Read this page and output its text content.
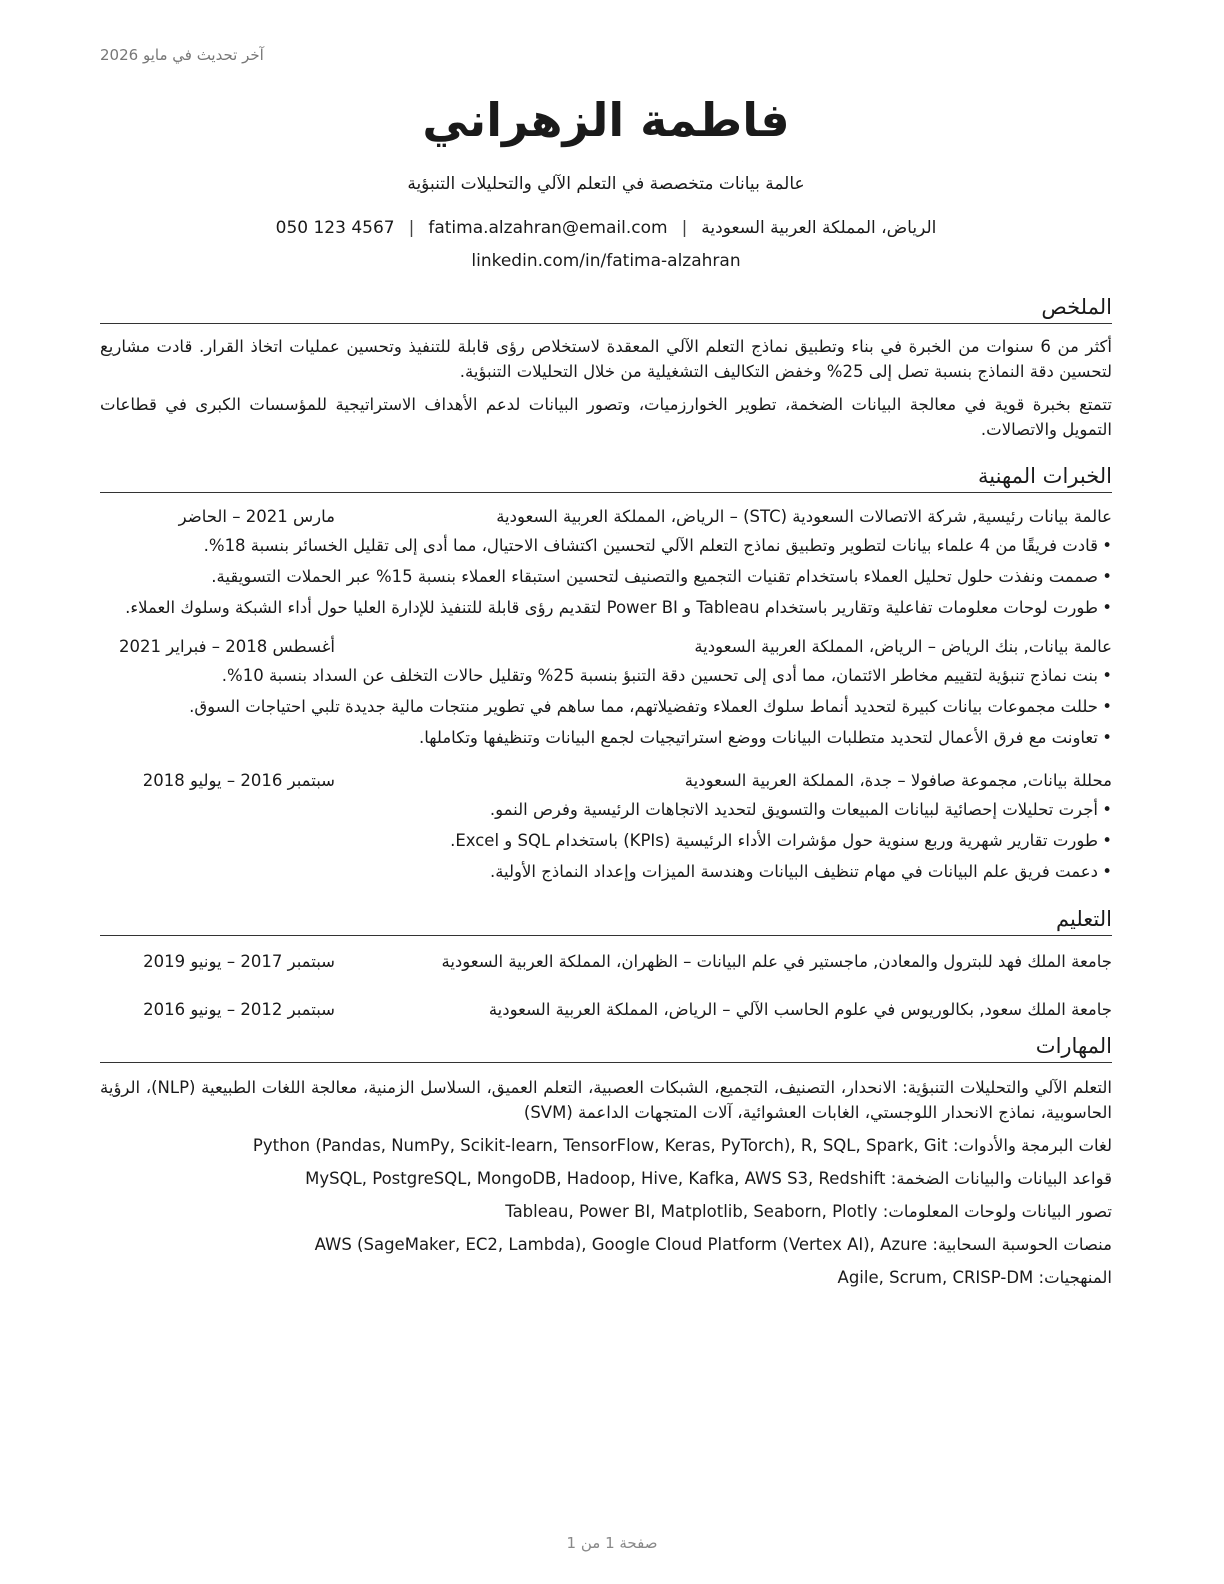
آخر تحديث في مايو 2026
فاطمة الزهراني
عالمة بيانات متخصصة في التعلم الآلي والتحليلات التنبؤية
الرياض، المملكة العربية السعودية|fatima.alzahran@email.com|050 123 4567
linkedin.com/in/fatima-alzahran
الملخص
أكثر من 6 سنوات من الخبرة في بناء وتطبيق نماذج التعلم الآلي المعقدة لاستخلاص رؤى قابلة للتنفيذ وتحسين عمليات اتخاذ القرار. قادت مشاريع لتحسين دقة النماذج بنسبة تصل إلى 25% وخفض التكاليف التشغيلية من خلال التحليلات التنبؤية.
تتمتع بخبرة قوية في معالجة البيانات الضخمة، تطوير الخوارزميات، وتصور البيانات لدعم الأهداف الاستراتيجية للمؤسسات الكبرى في قطاعات التمويل والاتصالات.
الخبرات المهنية
عالمة بيانات رئيسية, شركة الاتصالات السعودية (STC) – الرياض، المملكة العربية السعودية
مارس 2021 – الحاضر
• قادت فريقًا من 4 علماء بيانات لتطوير وتطبيق نماذج التعلم الآلي لتحسين اكتشاف الاحتيال، مما أدى إلى تقليل الخسائر بنسبة 18%.
• صممت ونفذت حلول تحليل العملاء باستخدام تقنيات التجميع والتصنيف لتحسين استبقاء العملاء بنسبة 15% عبر الحملات التسويقية.
• طورت لوحات معلومات تفاعلية وتقارير باستخدام Tableau و Power BI لتقديم رؤى قابلة للتنفيذ للإدارة العليا حول أداء الشبكة وسلوك العملاء.
عالمة بيانات, بنك الرياض – الرياض، المملكة العربية السعودية
أغسطس 2018 – فبراير 2021
• بنت نماذج تنبؤية لتقييم مخاطر الائتمان، مما أدى إلى تحسين دقة التنبؤ بنسبة 25% وتقليل حالات التخلف عن السداد بنسبة 10%.
• حللت مجموعات بيانات كبيرة لتحديد أنماط سلوك العملاء وتفضيلاتهم، مما ساهم في تطوير منتجات مالية جديدة تلبي احتياجات السوق.
• تعاونت مع فرق الأعمال لتحديد متطلبات البيانات ووضع استراتيجيات لجمع البيانات وتنظيفها وتكاملها.
محللة بيانات, مجموعة صافولا – جدة، المملكة العربية السعودية
سبتمبر 2016 – يوليو 2018
• أجرت تحليلات إحصائية لبيانات المبيعات والتسويق لتحديد الاتجاهات الرئيسية وفرص النمو.
• طورت تقارير شهرية وربع سنوية حول مؤشرات الأداء الرئيسية (KPIs) باستخدام SQL و Excel.
• دعمت فريق علم البيانات في مهام تنظيف البيانات وهندسة الميزات وإعداد النماذج الأولية.
التعليم
جامعة الملك فهد للبترول والمعادن, ماجستير في علم البيانات – الظهران، المملكة العربية السعودية
سبتمبر 2017 – يونيو 2019
جامعة الملك سعود, بكالوريوس في علوم الحاسب الآلي – الرياض، المملكة العربية السعودية
سبتمبر 2012 – يونيو 2016
المهارات
التعلم الآلي والتحليلات التنبؤية: الانحدار، التصنيف، التجميع، الشبكات العصبية، التعلم العميق، السلاسل الزمنية، معالجة اللغات الطبيعية (NLP)، الرؤية الحاسوبية، نماذج الانحدار اللوجستي، الغابات العشوائية، آلات المتجهات الداعمة (SVM)
لغات البرمجة والأدوات: Python (Pandas, NumPy, Scikit-learn, TensorFlow, Keras, PyTorch), R, SQL, Spark, Git
قواعد البيانات والبيانات الضخمة: MySQL, PostgreSQL, MongoDB, Hadoop, Hive, Kafka, AWS S3, Redshift
تصور البيانات ولوحات المعلومات: Tableau, Power BI, Matplotlib, Seaborn, Plotly
منصات الحوسبة السحابية: AWS (SageMaker, EC2, Lambda), Google Cloud Platform (Vertex AI), Azure
المنهجيات: Agile, Scrum, CRISP-DM
صفحة 1 من 1
